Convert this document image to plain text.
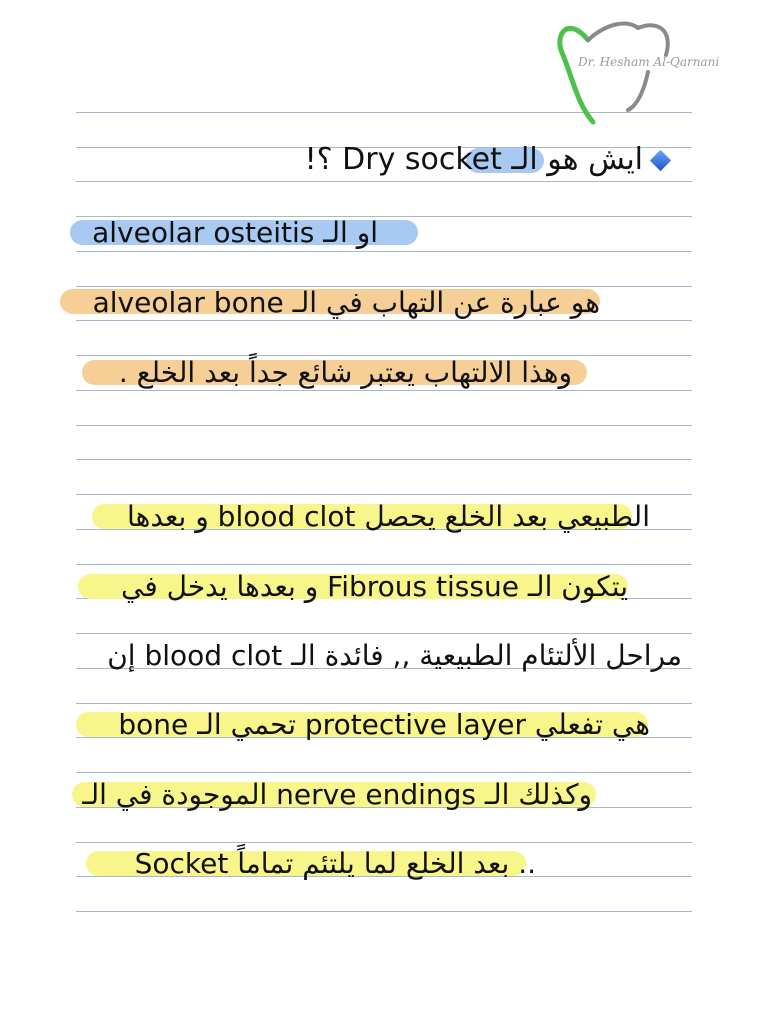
Dr. Hesham Al-Qarnani
ايش هو الـ Dry socket ؟!
او الـ alveolar osteitis
هو عبارة عن التهاب في الـ alveolar bone
وهذا الالتهاب يعتبر شائع جداً بعد الخلع .
الطبيعي بعد الخلع يحصل blood clot و بعدها
يتكون الـ Fibrous tissue و بعدها يدخل في
مراحل الألتئام الطبيعية ,, فائدة الـ blood clot إن
هي تفعلي protective layer تحمي الـ bone
وكذلك الـ nerve endings الموجودة في الـ
Socket بعد الخلع لما يلتئم تماماً ..
